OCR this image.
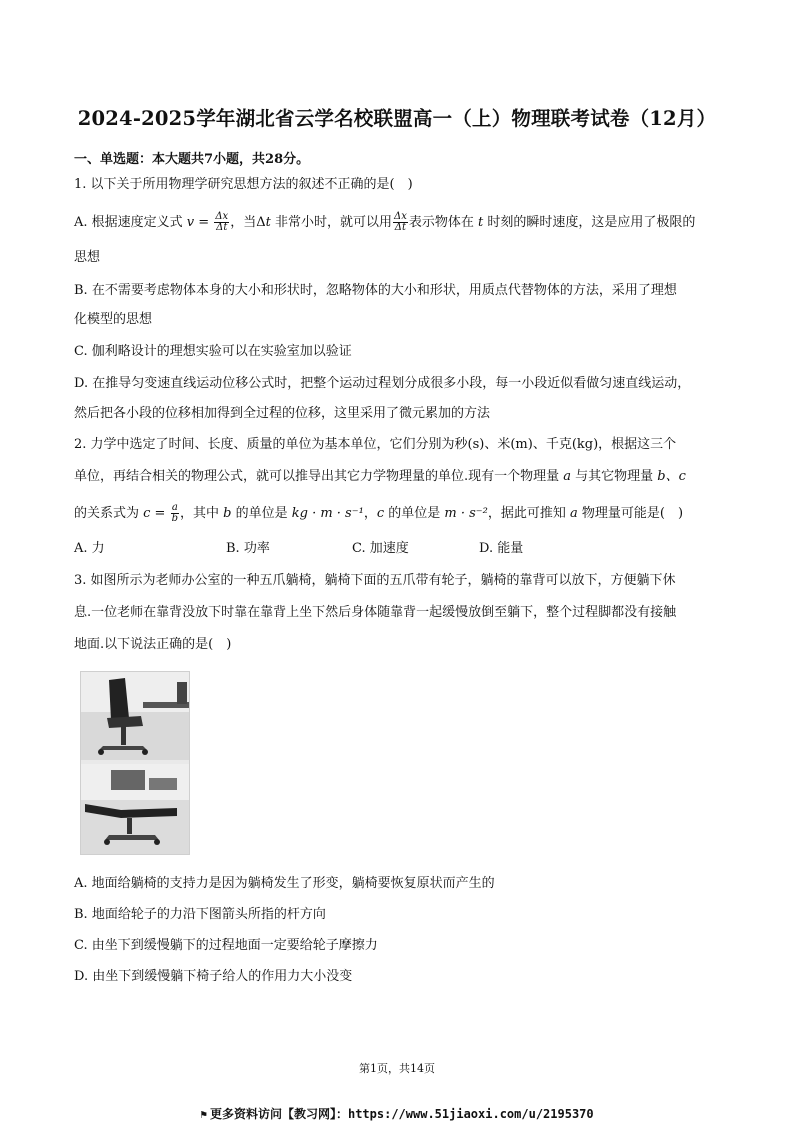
2024-2025学年湖北省云学名校联盟高一（上）物理联考试卷（12月）
一、单选题：本大题共7小题，共28分。
1. 以下关于所用物理学研究思想方法的叙述不正确的是( )
A. 根据速度定义式 $v = \frac{\Delta x}{\Delta t}$ ，当Δt 非常小时，就可以用 $\frac{\Delta x}{\Delta t}$ 表示物体在 t 时刻的瞬时速度，这是应用了极限的
思想
B. 在不需要考虑物体本身的大小和形状时，忽略物体的大小和形状，用质点代替物体的方法，采用了理想
化模型的思想
C. 伽利略设计的理想实验可以在实验室加以验证
D. 在推导匀变速直线运动位移公式时，把整个运动过程划分成很多小段，每一小段近似看做匀速直线运动，
然后把各小段的位移相加得到全过程的位移，这里采用了微元累加的方法
2. 力学中选定了时间、长度、质量的单位为基本单位，它们分别为秒(s)、米(m)、千克(kg)，根据这三个
单位，再结合相关的物理公式，就可以推导出其它力学物理量的单位.现有一个物理量 a 与其它物理量 b、c
的关系式为 $c = \frac{a}{b}$ ，其中 b 的单位是 kg · m · s⁻¹，c 的单位是 m · s⁻²，据此可推知 a 物理量可能是( )
A. 力	B. 功率	C. 加速度	D. 能量
3. 如图所示为老师办公室的一种五爪躺椅，躺椅下面的五爪带有轮子，躺椅的靠背可以放下，方便躺下休
息.一位老师在靠背没放下时靠在靠背上坐下然后身体随靠背一起缓慢放倒至躺下，整个过程脚都没有接触
地面.以下说法正确的是( )
A. 地面给躺椅的支持力是因为躺椅发生了形变，躺椅要恢复原状而产生的
B. 地面给轮子的力沿下图箭头所指的杆方向
C. 由坐下到缓慢躺下的过程地面一定要给轮子摩擦力
D. 由坐下到缓慢躺下椅子给人的作用力大小没变
第1页，共14页
⚑ 更多资料访问【教习网】：https://www.51jiaoxi.com/u/2195370
